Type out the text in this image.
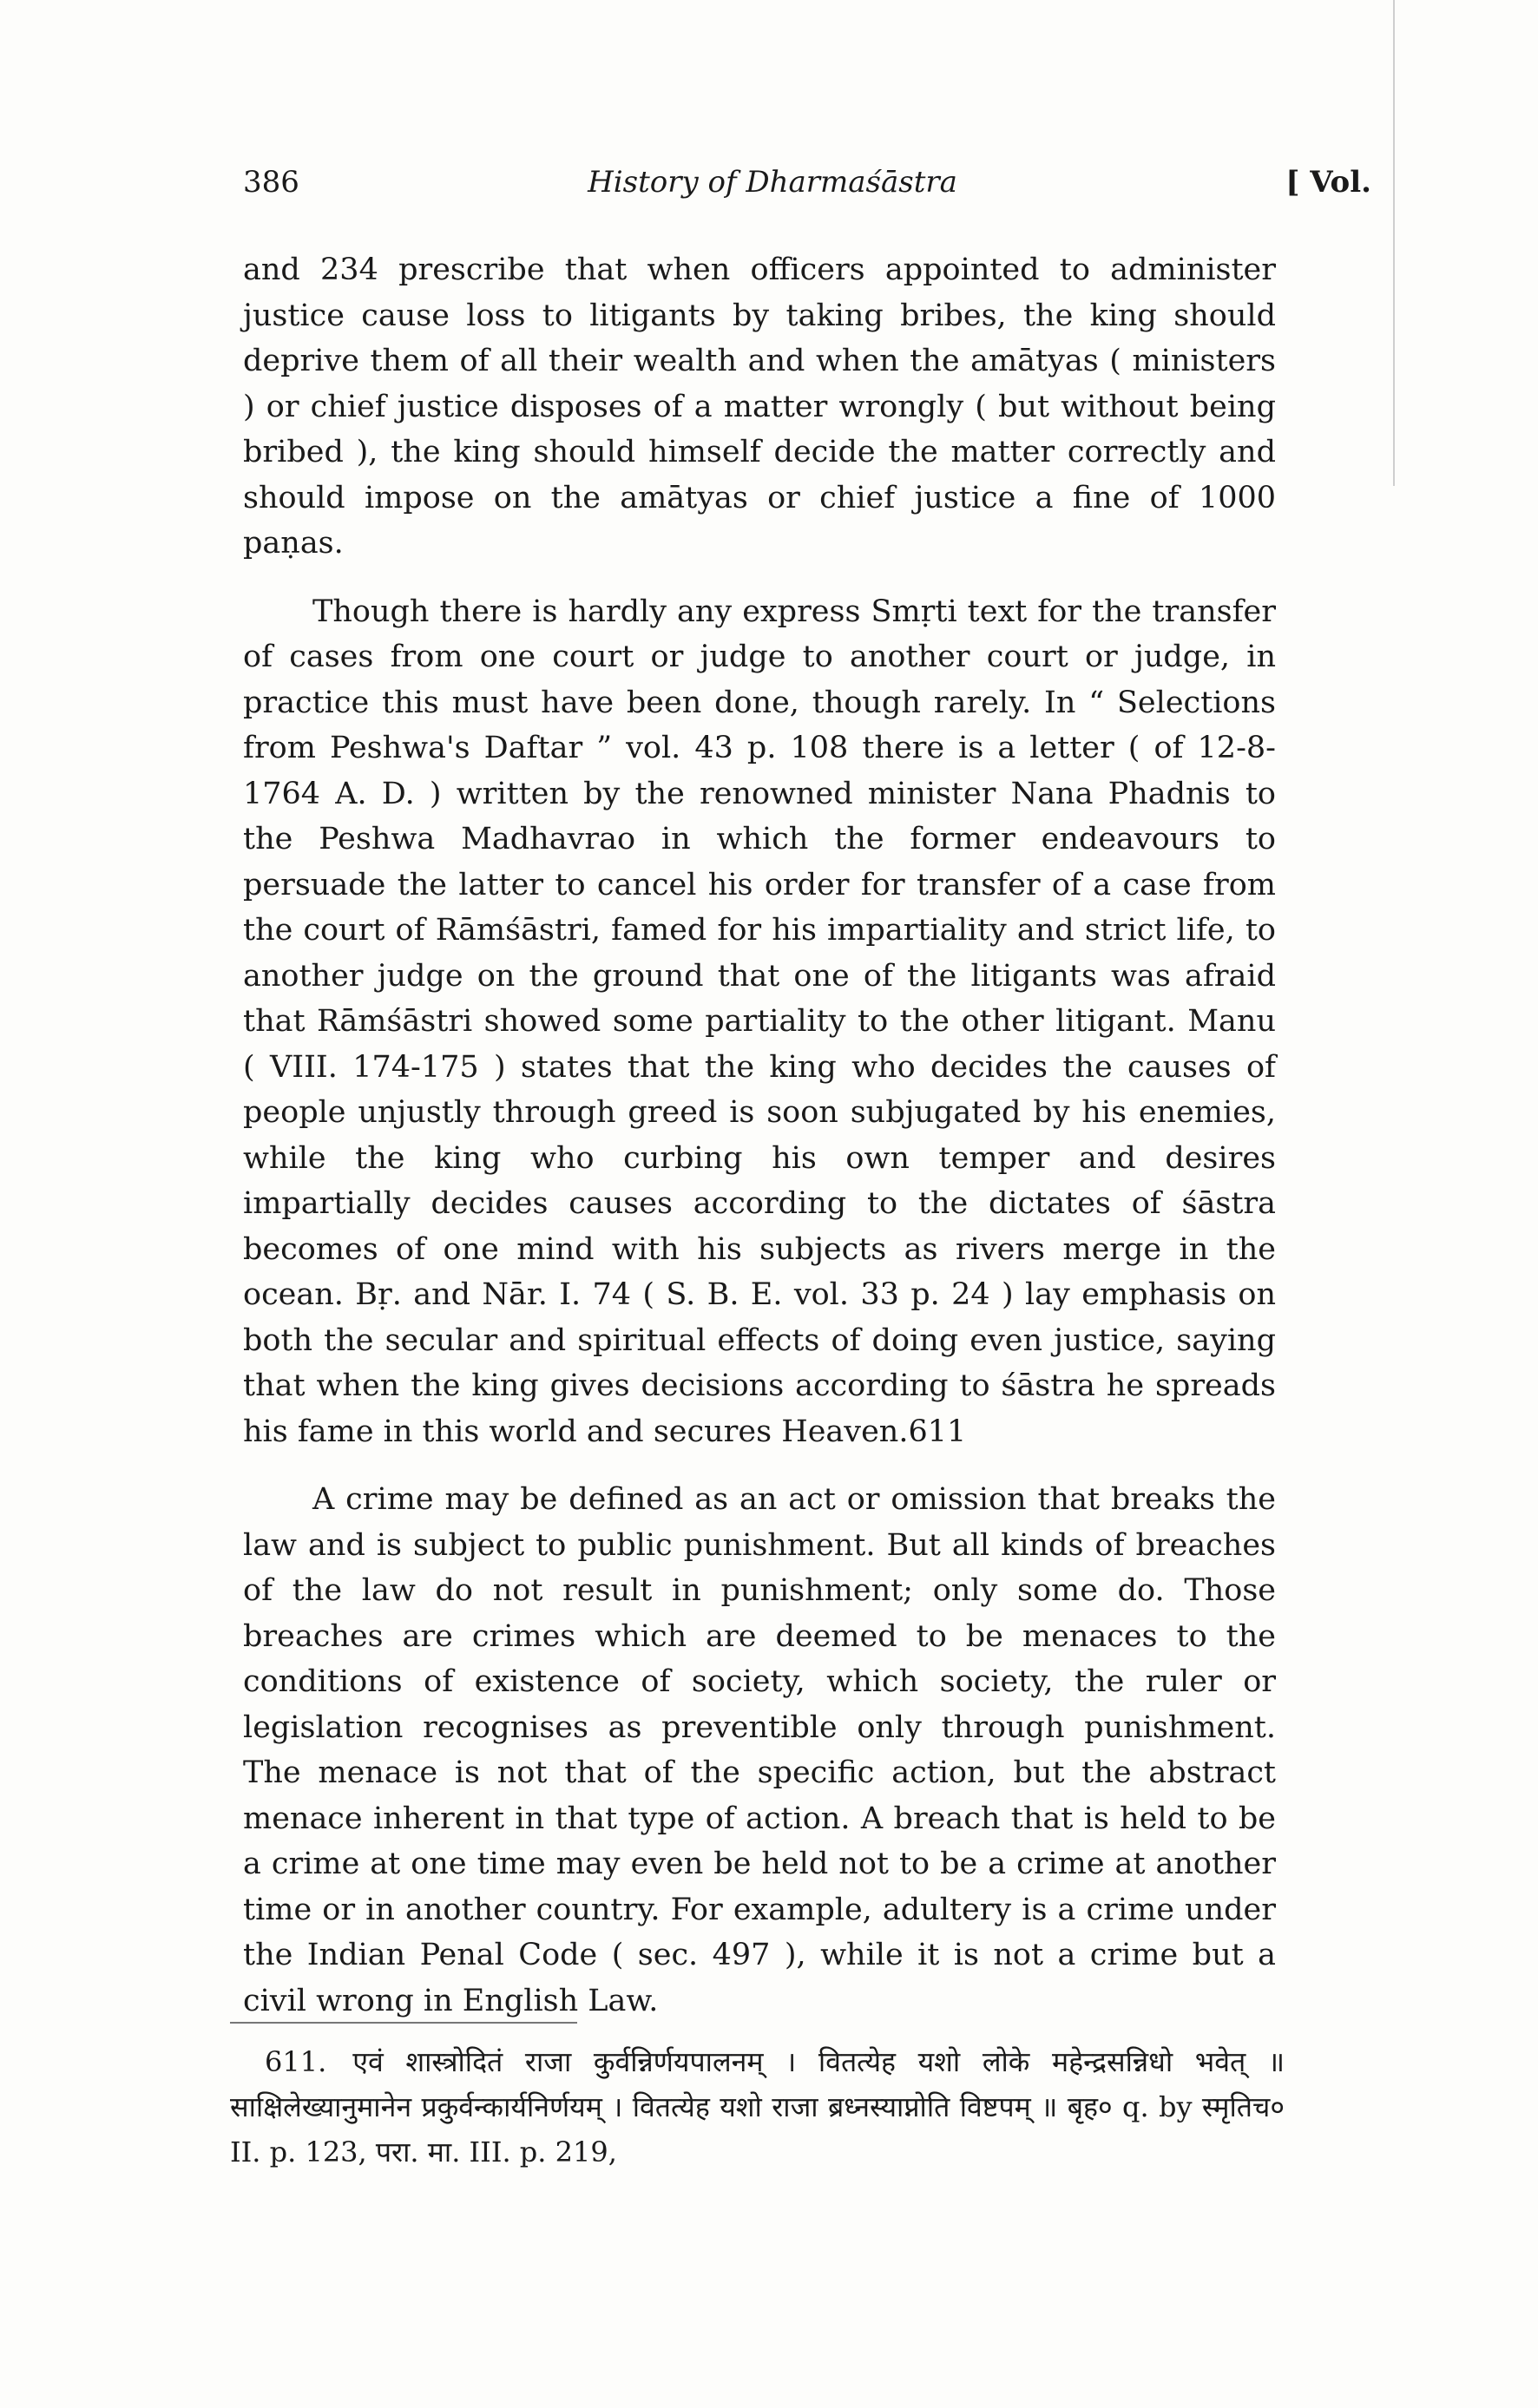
386	History of Dharmaśāstra	[ Vol.

and 234 prescribe that when officers appointed to administer justice cause loss to litigants by taking bribes, the king should deprive them of all their wealth and when the amātyas ( ministers ) or chief justice disposes of a matter wrongly ( but without being bribed ), the king should himself decide the matter correctly and should impose on the amātyas or chief justice a fine of 1000 paṇas.

Though there is hardly any express Smṛti text for the transfer of cases from one court or judge to another court or judge, in practice this must have been done, though rarely. In “ Selections from Peshwa's Daftar ” vol. 43 p. 108 there is a letter ( of 12-8-1764 A. D. ) written by the renowned minister Nana Phadnis to the Peshwa Madhavrao in which the former endeavours to persuade the latter to cancel his order for transfer of a case from the court of Rāmśāstri, famed for his impartiality and strict life, to another judge on the ground that one of the litigants was afraid that Rāmśāstri showed some partiality to the other litigant. Manu ( VIII. 174-175 ) states that the king who decides the causes of people unjustly through greed is soon subjugated by his enemies, while the king who curbing his own temper and desires impartially decides causes according to the dictates of śāstra becomes of one mind with his subjects as rivers merge in the ocean. Bṛ. and Nār. I. 74 ( S. B. E. vol. 33 p. 24 ) lay emphasis on both the secular and spiritual effects of doing even justice, saying that when the king gives decisions according to śāstra he spreads his fame in this world and secures Heaven.611

A crime may be defined as an act or omission that breaks the law and is subject to public punishment. But all kinds of breaches of the law do not result in punishment; only some do. Those breaches are crimes which are deemed to be menaces to the conditions of existence of society, which society, the ruler or legislation recognises as preventible only through punishment. The menace is not that of the specific action, but the abstract menace inherent in that type of action. A breach that is held to be a crime at one time may even be held not to be a crime at another time or in another country. For example, adultery is a crime under the Indian Penal Code ( sec. 497 ), while it is not a crime but a civil wrong in English Law.

611. एवं शास्त्रोदितं राजा कुर्वन्निर्णयपालनम् । वितत्येह यशो लोके महेन्द्रसन्निधो भवेत् ॥ साक्षिलेख्यानुमानेन प्रकुर्वन्कार्यनिर्णयम् । वितत्येह यशो राजा ब्रध्नस्याप्नोति विष्टपम् ॥ बृह० q. by स्मृतिच० II. p. 123, परा. मा. III. p. 219,
